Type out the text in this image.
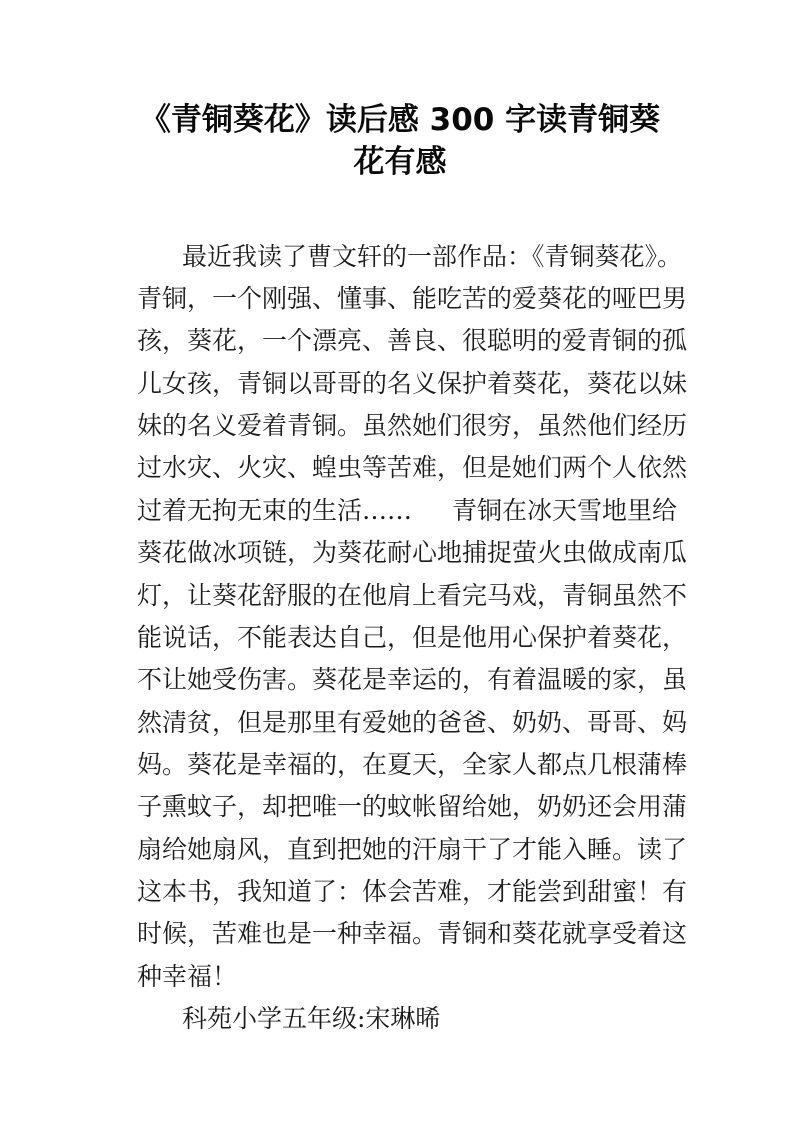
《青铜葵花》读后感 300 字读青铜葵
花有感
最近我读了曹文轩的一部作品：《青铜葵花》。
青铜，一个刚强、懂事、能吃苦的爱葵花的哑巴男
孩，葵花，一个漂亮、善良、很聪明的爱青铜的孤
儿女孩，青铜以哥哥的名义保护着葵花，葵花以妹
妹的名义爱着青铜。虽然她们很穷，虽然他们经历
过水灾、火灾、蝗虫等苦难，但是她们两个人依然
过着无拘无束的生活……	青铜在冰天雪地里给
葵花做冰项链，为葵花耐心地捕捉萤火虫做成南瓜
灯，让葵花舒服的在他肩上看完马戏，青铜虽然不
能说话，不能表达自己，但是他用心保护着葵花，
不让她受伤害。葵花是幸运的，有着温暖的家，虽
然清贫，但是那里有爱她的爸爸、奶奶、哥哥、妈
妈。葵花是幸福的，在夏天，全家人都点几根蒲棒
子熏蚊子，却把唯一的蚊帐留给她，奶奶还会用蒲
扇给她扇风，直到把她的汗扇干了才能入睡。读了
这本书，我知道了：体会苦难，才能尝到甜蜜！有
时候，苦难也是一种幸福。青铜和葵花就享受着这
种幸福！
科苑小学五年级:宋琳晞
